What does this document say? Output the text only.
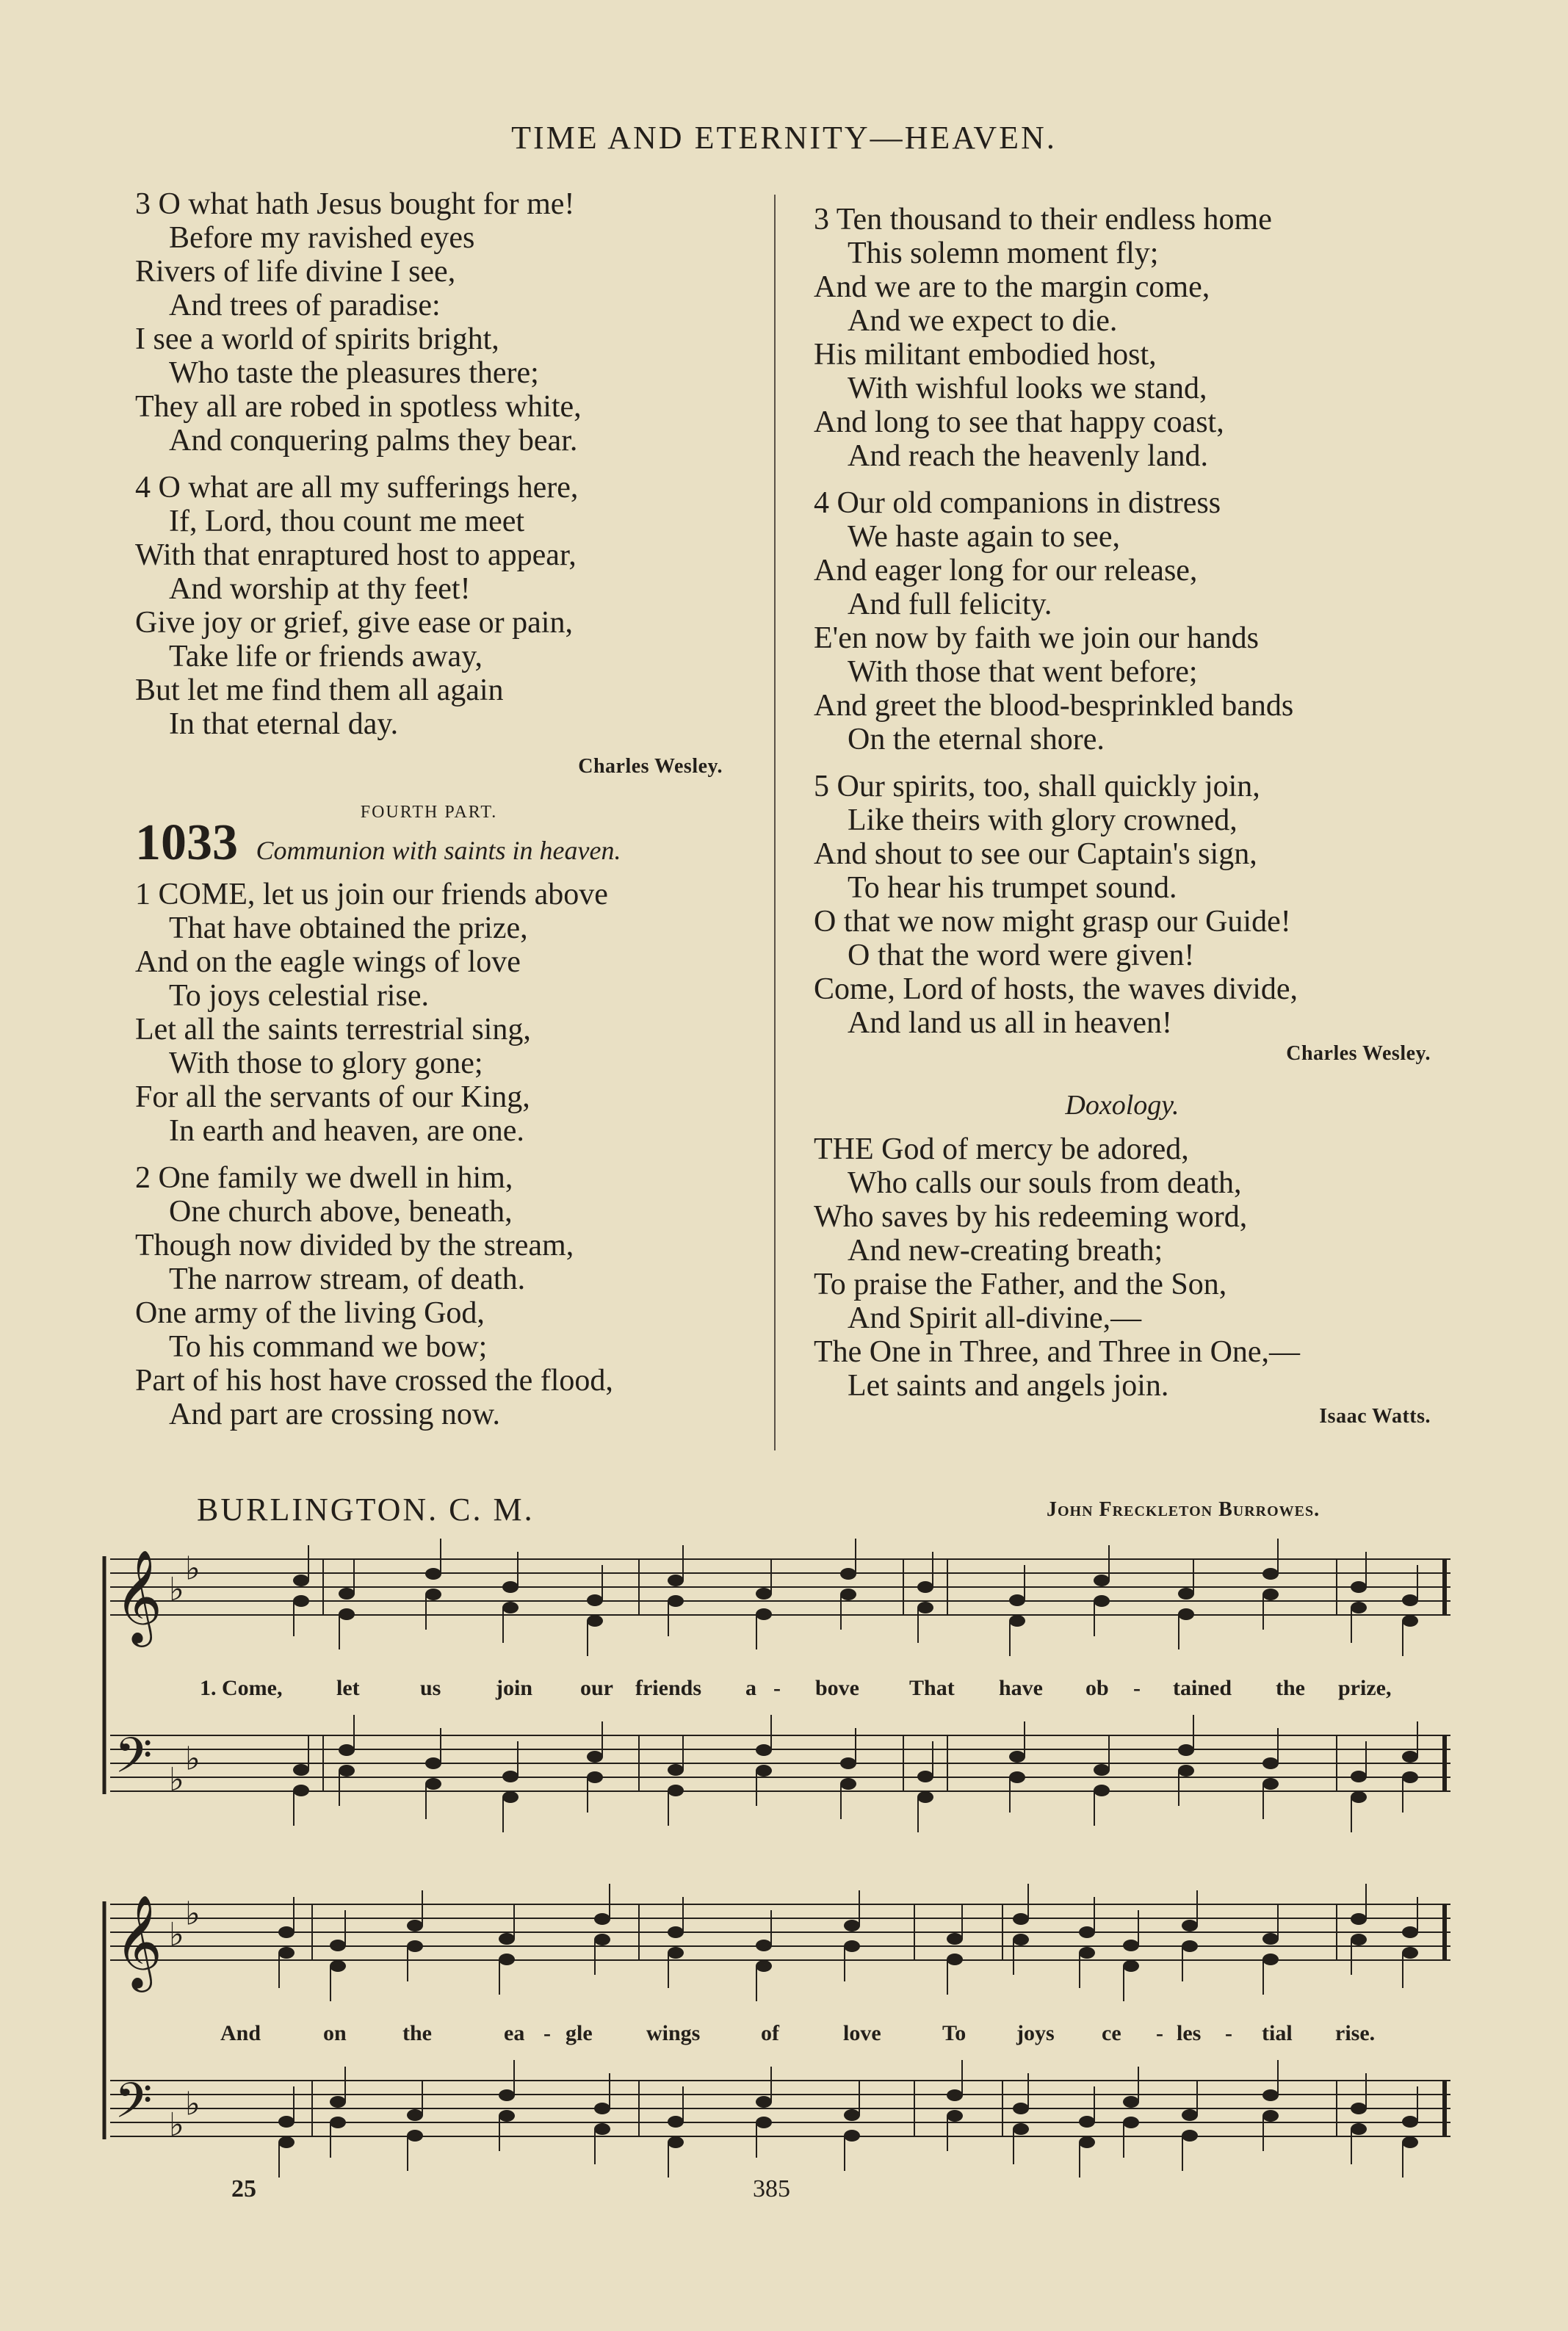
TIME AND ETERNITY—HEAVEN.
3 O what hath Jesus bought for me!
Before my ravished eyes
Rivers of life divine I see,
And trees of paradise:
I see a world of spirits bright,
Who taste the pleasures there;
They all are robed in spotless white,
And conquering palms they bear.
4 O what are all my sufferings here,
If, Lord, thou count me meet
With that enraptured host to appear,
And worship at thy feet!
Give joy or grief, give ease or pain,
Take life or friends away,
But let me find them all again
In that eternal day.
Charles Wesley.
FOURTH PART.
1033 Communion with saints in heaven.
1 COME, let us join our friends above
That have obtained the prize,
And on the eagle wings of love
To joys celestial rise.
Let all the saints terrestrial sing,
With those to glory gone;
For all the servants of our King,
In earth and heaven, are one.
2 One family we dwell in him,
One church above, beneath,
Though now divided by the stream,
The narrow stream, of death.
One army of the living God,
To his command we bow;
Part of his host have crossed the flood,
And part are crossing now.
3 Ten thousand to their endless home
This solemn moment fly;
And we are to the margin come,
And we expect to die.
His militant embodied host,
With wishful looks we stand,
And long to see that happy coast,
And reach the heavenly land.
4 Our old companions in distress
We haste again to see,
And eager long for our release,
And full felicity.
E'en now by faith we join our hands
With those that went before;
And greet the blood-besprinkled bands
On the eternal shore.
5 Our spirits, too, shall quickly join,
Like theirs with glory crowned,
And shout to see our Captain's sign,
To hear his trumpet sound.
O that we now might grasp our Guide!
O that the word were given!
Come, Lord of hosts, the waves divide,
And land us all in heaven!
Charles Wesley.
Doxology.
THE God of mercy be adored,
Who calls our souls from death,
Who saves by his redeeming word,
And new-creating breath;
To praise the Father, and the Son,
And Spirit all-divine,—
The One in Three, and Three in One,—
Let saints and angels join.
Isaac Watts.
BURLINGTON. C. M.	John Freckleton Burrowes.
𝄞
𝄢
♭
♭
♭
♭
𝄞
𝄢
♭
♭
♭
♭
1. Come, let	us join our friends a - bove That have ob - tained the prize,
And	on	the	ea - gle wings	of	love	To joys ce - les - tial rise.
25	385
